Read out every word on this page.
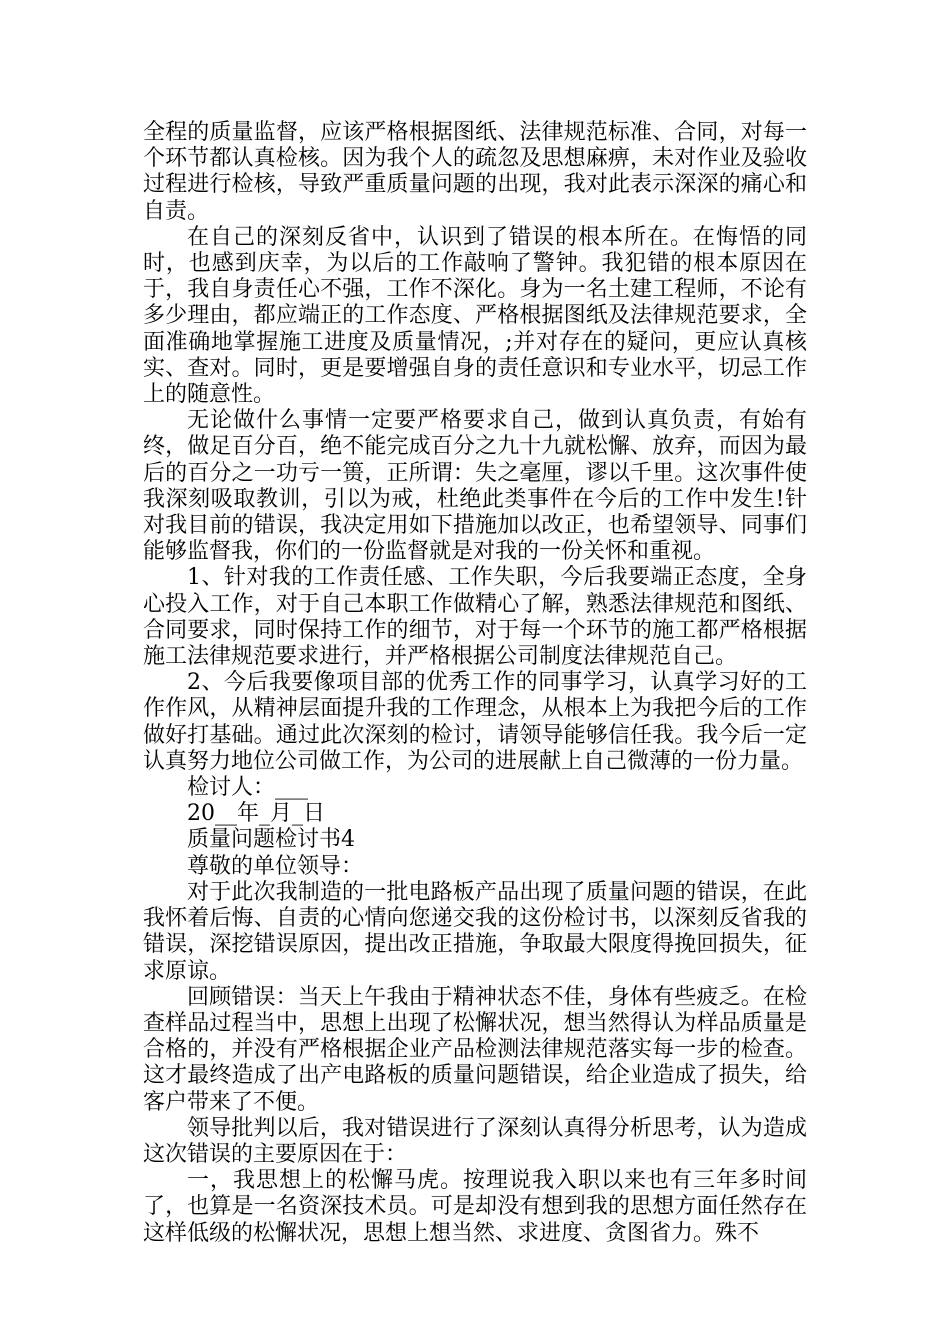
全程的质量监督，应该严格根据图纸、法律规范标准、合同，对每一个环节都认真检核。因为我个人的疏忽及思想麻痹，未对作业及验收过程进行检核，导致严重质量问题的出现，我对此表示深深的痛心和自责。

在自己的深刻反省中，认识到了错误的根本所在。在悔悟的同时，也感到庆幸，为以后的工作敲响了警钟。我犯错的根本原因在于，我自身责任心不强，工作不深化。身为一名土建工程师，不论有多少理由，都应端正的工作态度、严格根据图纸及法律规范要求，全面准确地掌握施工进度及质量情况，;并对存在的疑问，更应认真核实、查对。同时，更是要增强自身的责任意识和专业水平，切忌工作上的随意性。

无论做什么事情一定要严格要求自己，做到认真负责，有始有终，做足百分百，绝不能完成百分之九十九就松懈、放弃，而因为最后的百分之一功亏一篑，正所谓：失之毫厘，谬以千里。这次事件使我深刻吸取教训，引以为戒，杜绝此类事件在今后的工作中发生!针对我目前的错误，我决定用如下措施加以改正，也希望领导、同事们能够监督我，你们的一份监督就是对我的一份关怀和重视。

1、针对我的工作责任感、工作失职，今后我要端正态度，全身心投入工作，对于自己本职工作做精心了解，熟悉法律规范和图纸、合同要求，同时保持工作的细节，对于每一个环节的施工都严格根据施工法律规范要求进行，并严格根据公司制度法律规范自己。

2、今后我要像项目部的优秀工作的同事学习，认真学习好的工作作风，从精神层面提升我的工作理念，从根本上为我把今后的工作做好打基础。通过此次深刻的检讨，请领导能够信任我。我今后一定认真努力地位公司做工作，为公司的进展献上自己微薄的一份力量。

检讨人：___

20__年_月_日

质量问题检讨书4

尊敬的单位领导：

对于此次我制造的一批电路板产品出现了质量问题的错误，在此我怀着后悔、自责的心情向您递交我的这份检讨书，以深刻反省我的错误，深挖错误原因，提出改正措施，争取最大限度得挽回损失，征求原谅。

回顾错误：当天上午我由于精神状态不佳，身体有些疲乏。在检查样品过程当中，思想上出现了松懈状况，想当然得认为样品质量是合格的，并没有严格根据企业产品检测法律规范落实每一步的检查。这才最终造成了出产电路板的质量问题错误，给企业造成了损失，给客户带来了不便。

领导批判以后，我对错误进行了深刻认真得分析思考，认为造成这次错误的主要原因在于：

一，我思想上的松懈马虎。按理说我入职以来也有三年多时间了，也算是一名资深技术员。可是却没有想到我的思想方面任然存在这样低级的松懈状况，思想上想当然、求进度、贪图省力。殊不
